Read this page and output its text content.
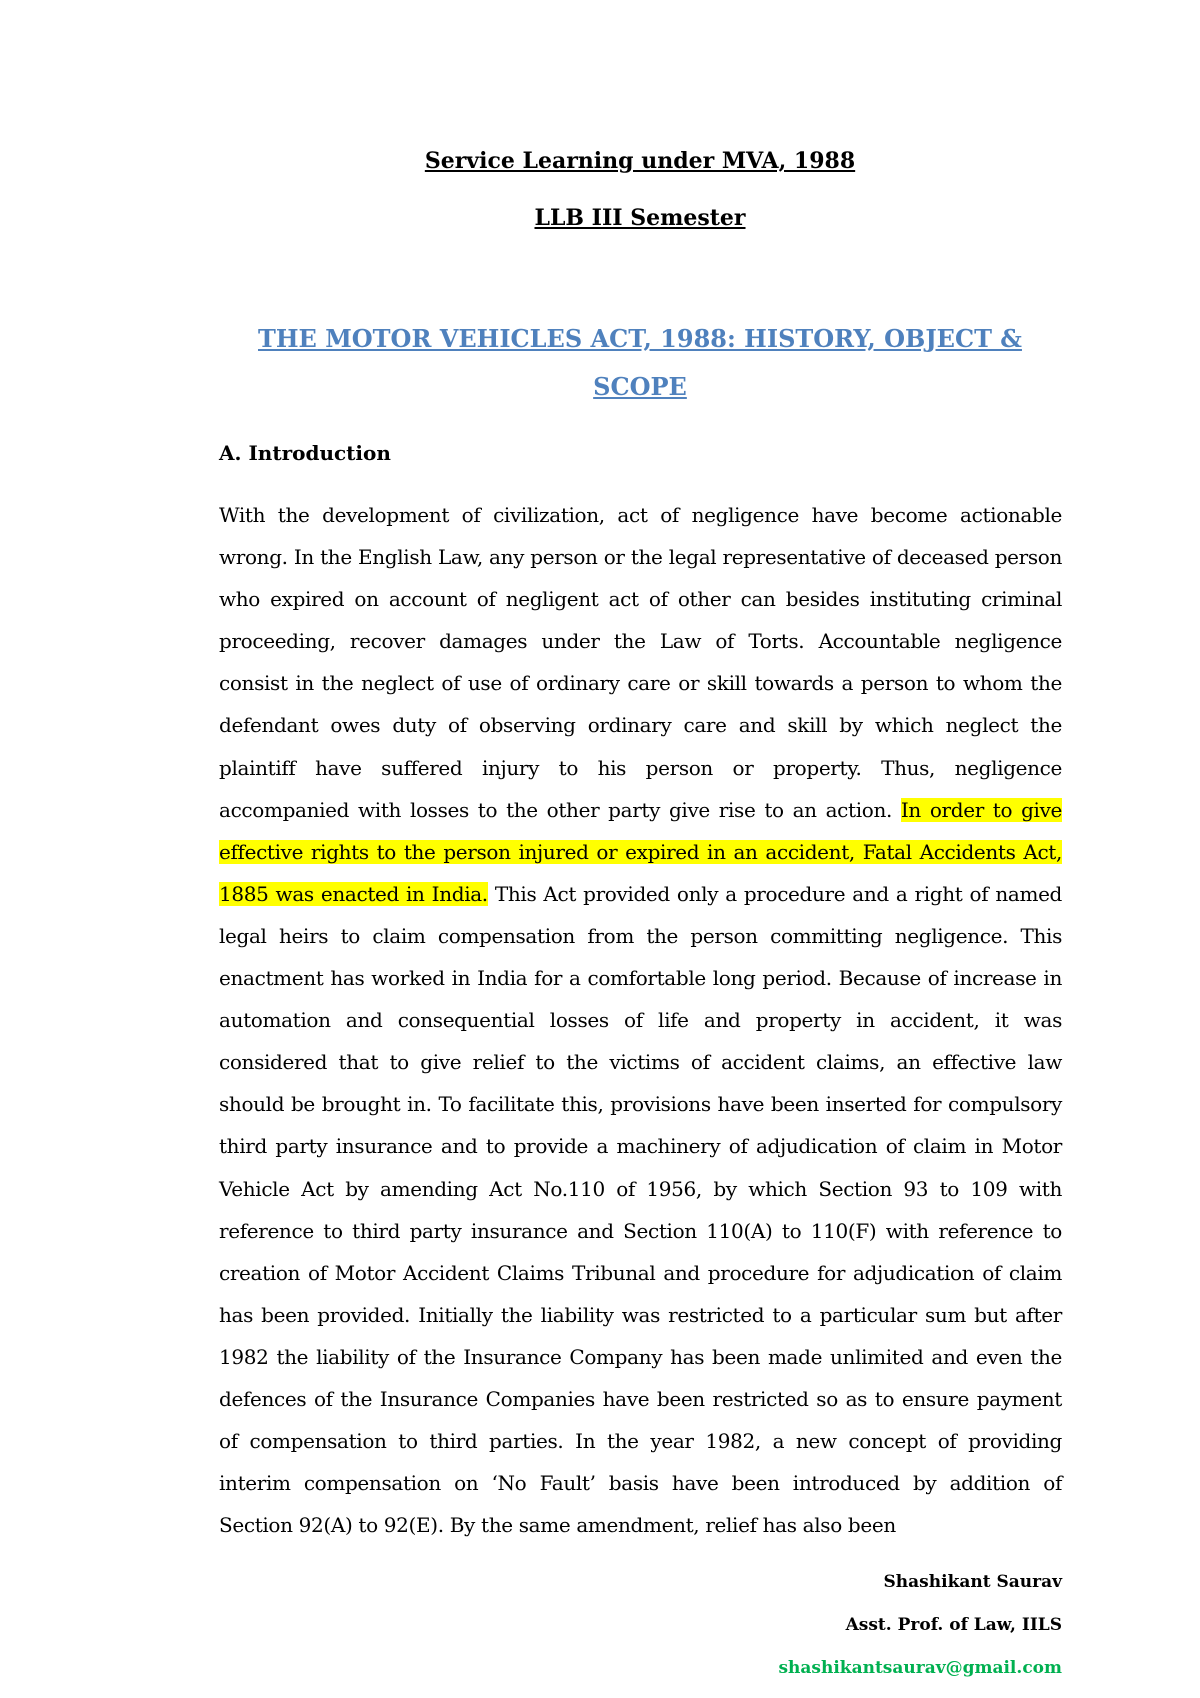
Service Learning under MVA, 1988
LLB III Semester
THE MOTOR VEHICLES ACT, 1988: HISTORY, OBJECT &
SCOPE
A. Introduction
With the development of civilization, act of negligence have become actionable wrong. In the English Law, any person or the legal representative of deceased person who expired on account of negligent act of other can besides instituting criminal proceeding, recover damages under the Law of Torts. Accountable negligence consist in the neglect of use of ordinary care or skill towards a person to whom the defendant owes duty of observing ordinary care and skill by which neglect the plaintiff have suffered injury to his person or property. Thus, negligence accompanied with losses to the other party give rise to an action. In order to give effective rights to the person injured or expired in an accident, Fatal Accidents Act, 1885 was enacted in India. This Act provided only a procedure and a right of named legal heirs to claim compensation from the person committing negligence. This enactment has worked in India for a comfortable long period. Because of increase in automation and consequential losses of life and property in accident, it was considered that to give relief to the victims of accident claims, an effective law should be brought in. To facilitate this, provisions have been inserted for compulsory third party insurance and to provide a machinery of adjudication of claim in Motor Vehicle Act by amending Act No.110 of 1956, by which Section 93 to 109 with reference to third party insurance and Section 110(A) to 110(F) with reference to creation of Motor Accident Claims Tribunal and procedure for adjudication of claim has been provided. Initially the liability was restricted to a particular sum but after 1982 the liability of the Insurance Company has been made unlimited and even the defences of the Insurance Companies have been restricted so as to ensure payment of compensation to third parties. In the year 1982, a new concept of providing interim compensation on ‘No Fault’ basis have been introduced by addition of Section 92(A) to 92(E). By the same amendment, relief has also been
Shashikant Saurav
Asst. Prof. of Law, IILS
shashikantsaurav@gmail.com
